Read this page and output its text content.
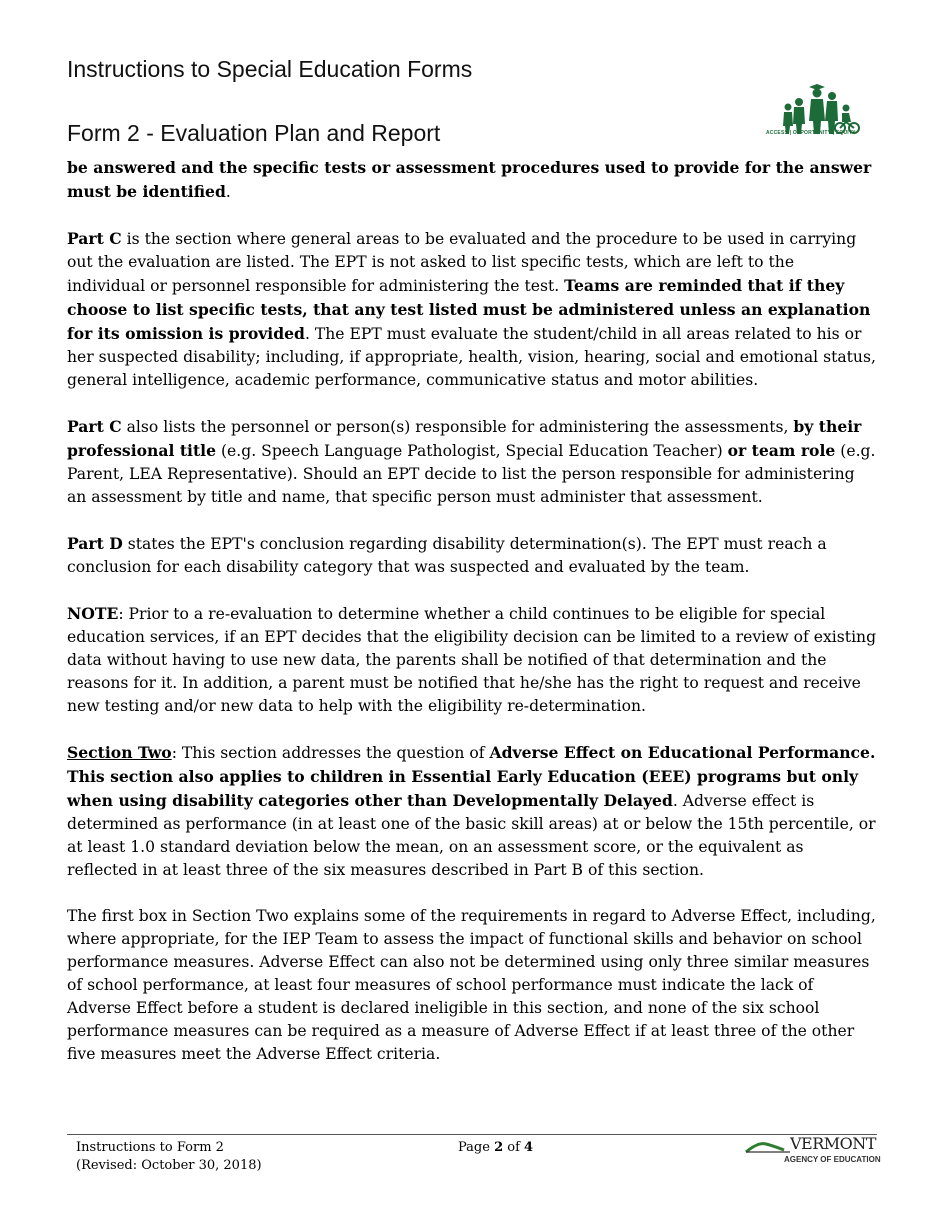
Instructions to Special Education Forms
Form 2 - Evaluation Plan and Report	ACCESS | OPPORTUNITY | EQUITY

be answered and the specific tests or assessment procedures used to provide for the answer must be identified.

Part C is the section where general areas to be evaluated and the procedure to be used in carrying out the evaluation are listed. The EPT is not asked to list specific tests, which are left to the individual or personnel responsible for administering the test. Teams are reminded that if they choose to list specific tests, that any test listed must be administered unless an explanation for its omission is provided. The EPT must evaluate the student/child in all areas related to his or her suspected disability; including, if appropriate, health, vision, hearing, social and emotional status, general intelligence, academic performance, communicative status and motor abilities.

Part C also lists the personnel or person(s) responsible for administering the assessments, by their professional title (e.g. Speech Language Pathologist, Special Education Teacher) or team role (e.g. Parent, LEA Representative). Should an EPT decide to list the person responsible for administering an assessment by title and name, that specific person must administer that assessment.

Part D states the EPT's conclusion regarding disability determination(s). The EPT must reach a conclusion for each disability category that was suspected and evaluated by the team.

NOTE: Prior to a re-evaluation to determine whether a child continues to be eligible for special education services, if an EPT decides that the eligibility decision can be limited to a review of existing data without having to use new data, the parents shall be notified of that determination and the reasons for it. In addition, a parent must be notified that he/she has the right to request and receive new testing and/or new data to help with the eligibility re-determination.

Section Two: This section addresses the question of Adverse Effect on Educational Performance. This section also applies to children in Essential Early Education (EEE) programs but only when using disability categories other than Developmentally Delayed. Adverse effect is determined as performance (in at least one of the basic skill areas) at or below the 15th percentile, or at least 1.0 standard deviation below the mean, on an assessment score, or the equivalent as reflected in at least three of the six measures described in Part B of this section.

The first box in Section Two explains some of the requirements in regard to Adverse Effect, including, where appropriate, for the IEP Team to assess the impact of functional skills and behavior on school performance measures. Adverse Effect can also not be determined using only three similar measures of school performance, at least four measures of school performance must indicate the lack of Adverse Effect before a student is declared ineligible in this section, and none of the six school performance measures can be required as a measure of Adverse Effect if at least three of the other five measures meet the Adverse Effect criteria.

Instructions to Form 2
(Revised: October 30, 2018)
Page 2 of 4	VERMONT
AGENCY OF EDUCATION
